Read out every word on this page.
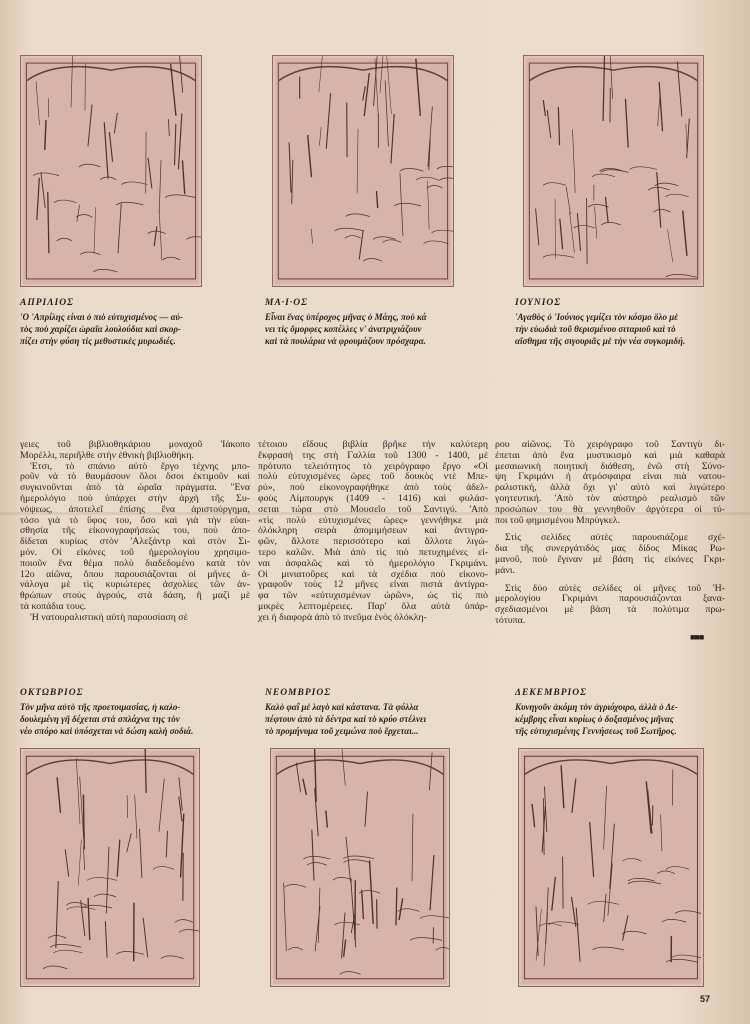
ΑΠΡΙΛΙΟΣ
'Ο 'Απρίλης είναι ὁ πιὸ εὐτυχισμένος — αὐ-
τὸς ποὺ χαρίζει ὡραῖα λουλούδια καὶ σκορ-
πίζει στὴν φύση τὶς μεθυστικὲς μυρωδιές.
ΜΑ·Ι·ΟΣ
Εἶναι ἕνας ὑπέροχος μῆνας ὁ Μάης, ποὺ κά
νει τὶς ὄμορφες κοπέλλες ν' ἀνατριχιάζουν
καὶ τὰ πουλάρια νὰ φρουμάζουν πρόσχαρα.
ΙΟΥΝΙΟΣ
'Αγαθὸς ὁ 'Ιούνιος γεμίζει τὸν κόσμο ὅλο μὲ
τὴν εὐωδιὰ τοῦ θερισμένου σιταριοῦ καὶ τὸ
αἴσθημα τῆς σιγουριᾶς μὲ τὴν νέα συγκομιδή.
γειες τοῦ βιβλιοθηκάριου μοναχοῦ 'Ιάκοπο
Μορέλλι, περιῆλθε στὴν ἐθνικὴ βιβλιοθήκη.
'Ετσι, τὸ σπάνιο αὐτὸ ἔργο τέχνης μπο-
ροῦν νὰ τὸ θαυμάσουν ὅλοι ὅσοι ἐκτιμοῦν καὶ
συγκινοῦνται ἀπὸ τὰ ὡραῖα πράγματα. "Ενα
ἡμερολόγιο ποὺ ὑπάρχει στὴν ἀρχὴ τῆς Συ-
νόψεως, ἀποτελεῖ ἐπίσης ἕνα ἀριστούργημα,
τόσο γιὰ τὸ ὕφος του, ὅσο καὶ γιὰ τὴν εὐαι-
σθησία τῆς εἰκονογραφήσεώς του, ποὺ ἀπο-
δίδεται κυρίως στὸν 'Αλεξάντρ καὶ στὸν Σι-
μόν. Οἱ εἰκόνες τοῦ ἡμερολογίου χρησιμο-
ποιοῦν ἕνα θέμα πολὺ διαδεδομένο κατὰ τὸν
12ο αἰῶνα, ὅπου παρουσιάζονται οἱ μῆνες ἀ-
νάλογα μὲ τὶς κυριώτερες ἀσχολίες τῶν ἀν-
θρώπων στοὺς ἀγρούς, στὰ δάση, ἢ μαζὶ μὲ
τὰ κοπάδια τους.
'Η νατουραλιστικὴ αὐτὴ παρουσίαση σὲ
τέτοιου εἴδους βιβλία βρῆκε τὴν καλύτερη
ἔκφρασή της στὴ Γαλλία τοῦ 1300 - 1400, μὲ
πρότυπο τελειότητος τὸ χειρόγραφο ἔργο «Οἱ
πολὺ εὐτυχισμένες ὧρες τοῦ δουκὸς ντὲ Μπε-
ρύ», ποὺ εἰκονογραφήθηκε ἀπὸ τοὺς ἀδελ-
φοὺς Λίμπουργκ (1409 - 1416) καὶ φυλάσ-
σεται τώρα στὸ Μουσεῖο τοῦ Σαντιγύ. 'Απὸ
«τὶς πολὺ εὐτυχισμένες ὧρες» γεννήθηκε μιὰ
ὁλόκληρη σειρὰ ἀπομιμήσεων καὶ ἀντιγρα-
φῶν, ἄλλοτε περισσότερο καὶ ἄλλοτε λιγώ-
τερο καλῶν. Μιὰ ἀπὸ τὶς πιὸ πετυχημένες εἶ-
ναι ἀσφαλῶς καὶ τὸ ἡμερολόγιο Γκριμάνι.
Οἱ μινιατοῦρες καὶ τὰ σχέδια ποὺ εἰκονο-
γραφοῦν τοὺς 12 μῆνες εἶναι πιστὰ ἀντίγρα-
φα τῶν «εὐτυχισμένων ὡρῶν», ὡς τὶς πιὸ
μικρὲς λεπτομέρειες. Παρ' ὅλα αὐτὰ ὑπάρ-
χει ἡ διαφορὰ ἀπὸ τὸ πνεῦμα ἑνὸς ὁλόκλη-
ρου αἰῶνος. Τὸ χειρόγραφο τοῦ Σαντιγὺ δι-
έπεται ἀπὸ ἕνα μυστικισμὸ καὶ μιὰ καθαρὰ
μεσαιωνικὴ ποιητικὴ διάθεση, ἐνῶ στὴ Σύνο-
ψη Γκριμάνι ἡ ἀτμόσφαιρα εἶναι πιὰ νατου-
ραλιστική, ἀλλὰ ὄχι γι' αὐτὸ καὶ λιγώτερο
γοητευτική. 'Απὸ τὸν αὐστηρὸ ρεαλισμὸ τῶν
προσώπων του θὰ γεννηθοῦν ἀργότερα οἱ τύ-
ποι τοῦ φημισμένου Μπρύγκελ.
Στὶς σελίδες αὐτὲς παρουσιάζομε σχέ-
δια τῆς συνεργάτιδός μας δίδος Μίκας Ρω-
μανοῦ, ποὺ ἔγιναν μὲ βάση τὶς εἰκόνες Γκρι-
μάνι.
Στὶς δύο αὐτὲς σελίδες οἱ μῆνες τοῦ 'Η-
μερολογίου Γκριμάνι παρουσιάζονται ξανα-
σχεδιασμένοι μὲ βάση τὰ πολύτιμα πρω-
τότυπα.
■■■
ΟΚΤΩΒΡΙΟΣ
Τὸν μῆνα αὐτὸ τῆς προετοιμασίας, ἡ καλο-
δουλεμένη γῆ δέχεται στὰ σπλάχνα της τὸν
νέο σπόρο καὶ ὑπόσχεται νὰ δώση καλὴ σοδιά.
ΝΕΟΜΒΡΙΟΣ
Καλὸ φαΐ μὲ λαγὸ καὶ κάστανα. Τὰ φύλλα
πέφτουν ἀπὸ τὰ δέντρα καὶ τὸ κρύο στέλνει
τὸ προμήνυμα τοῦ χειμώνα ποὺ ἔρχεται...
ΔΕΚΕΜΒΡΙΟΣ
Κυνηγοῦν ἀκόμη τὸν ἀγριόχοιρο, ἀλλὰ ὁ Δε-
κέμβρης εἶναι κυρίως ὁ δοξασμένος μῆνας
τῆς εὐτυχισμένης Γεννήσεως τοῦ Σωτῆρος.
57
